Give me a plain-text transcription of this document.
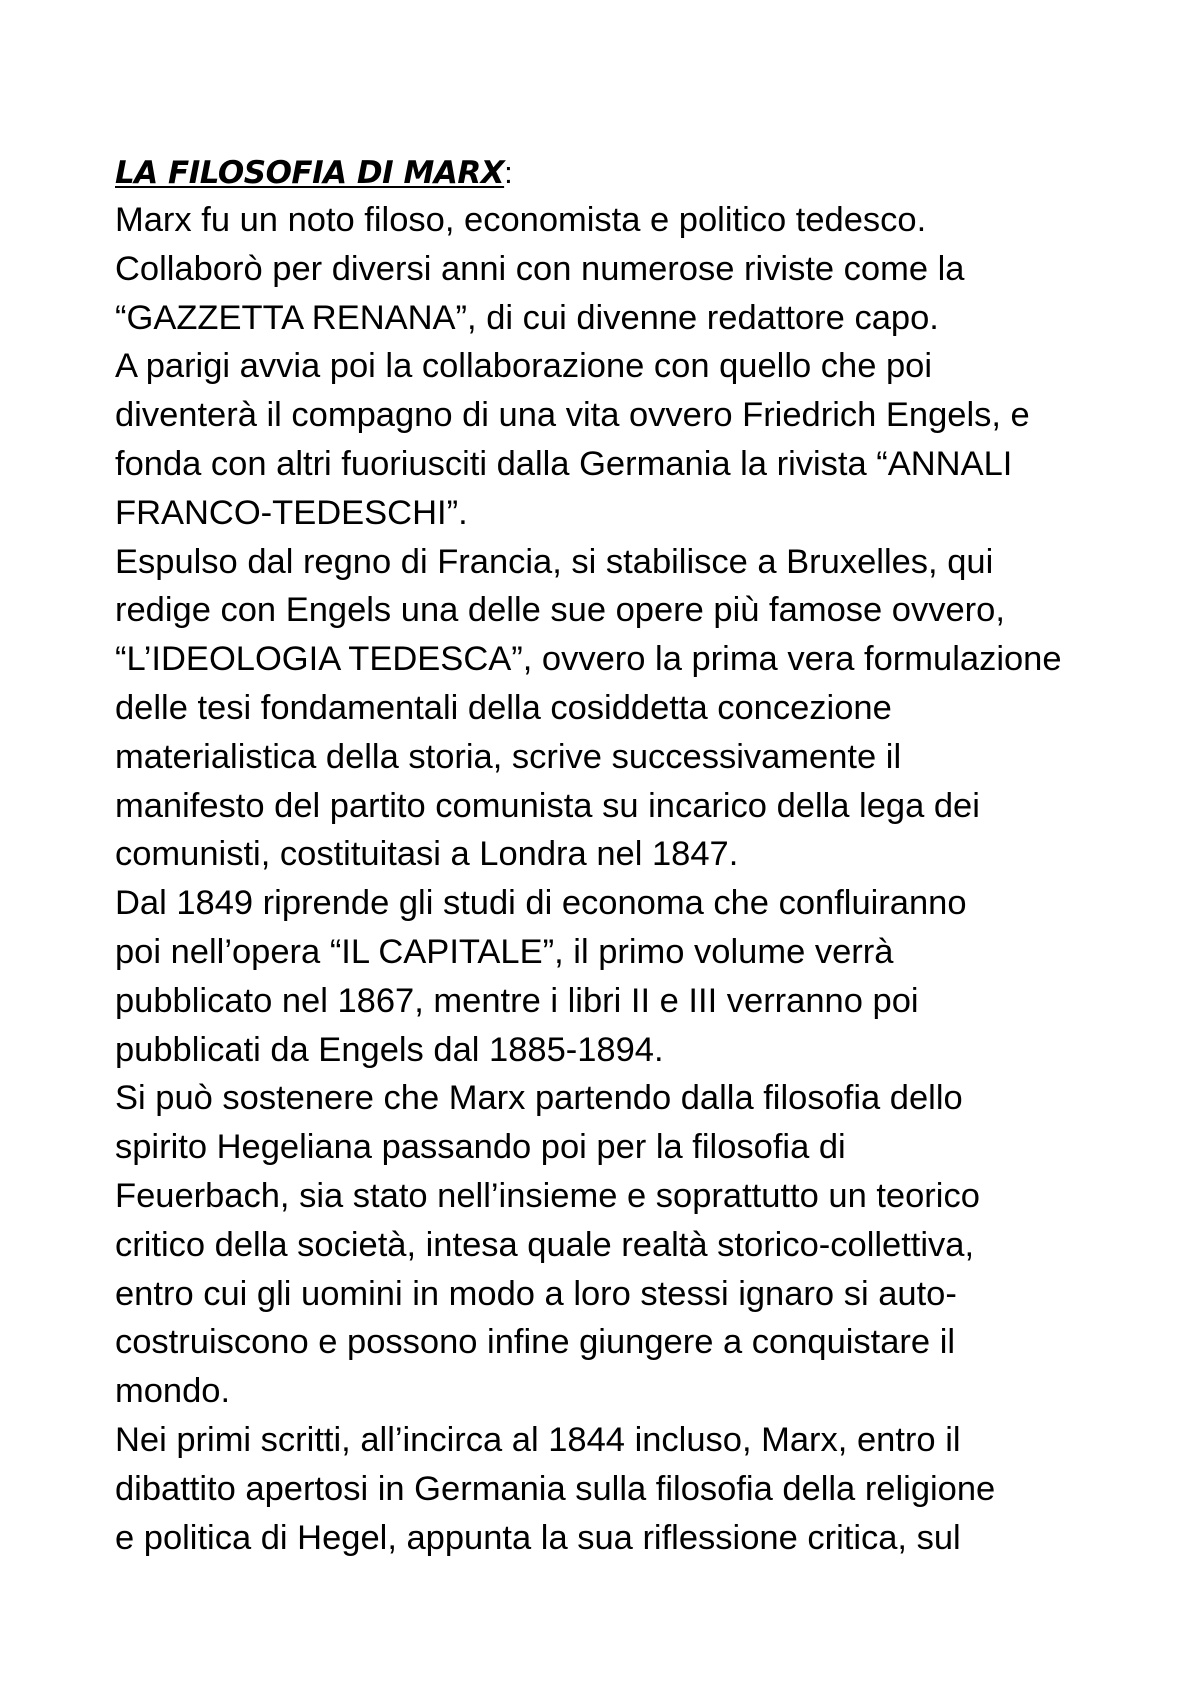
LA FILOSOFIA DI MARX:
Marx fu un noto filoso, economista e politico tedesco.
Collaborò per diversi anni con numerose riviste come la
“GAZZETTA RENANA”, di cui divenne redattore capo.
A parigi avvia poi la collaborazione con quello che poi
diventerà il compagno di una vita ovvero Friedrich Engels, e
fonda con altri fuoriusciti dalla Germania la rivista “ANNALI
FRANCO-TEDESCHI”.
Espulso dal regno di Francia, si stabilisce a Bruxelles, qui
redige con Engels una delle sue opere più famose ovvero,
“L’IDEOLOGIA TEDESCA”, ovvero la prima vera formulazione
delle tesi fondamentali della cosiddetta concezione
materialistica della storia, scrive successivamente il
manifesto del partito comunista su incarico della lega dei
comunisti, costituitasi a Londra nel 1847.
Dal 1849 riprende gli studi di economa che confluiranno
poi nell’opera “IL CAPITALE”, il primo volume verrà
pubblicato nel 1867, mentre i libri II e III verranno poi
pubblicati da Engels dal 1885-1894.
Si può sostenere che Marx partendo dalla filosofia dello
spirito Hegeliana passando poi per la filosofia di
Feuerbach, sia stato nell’insieme e soprattutto un teorico
critico della società, intesa quale realtà storico-collettiva,
entro cui gli uomini in modo a loro stessi ignaro si auto-
costruiscono e possono infine giungere a conquistare il
mondo.
Nei primi scritti, all’incirca al 1844 incluso, Marx, entro il
dibattito apertosi in Germania sulla filosofia della religione
e politica di Hegel, appunta la sua riflessione critica, sul
